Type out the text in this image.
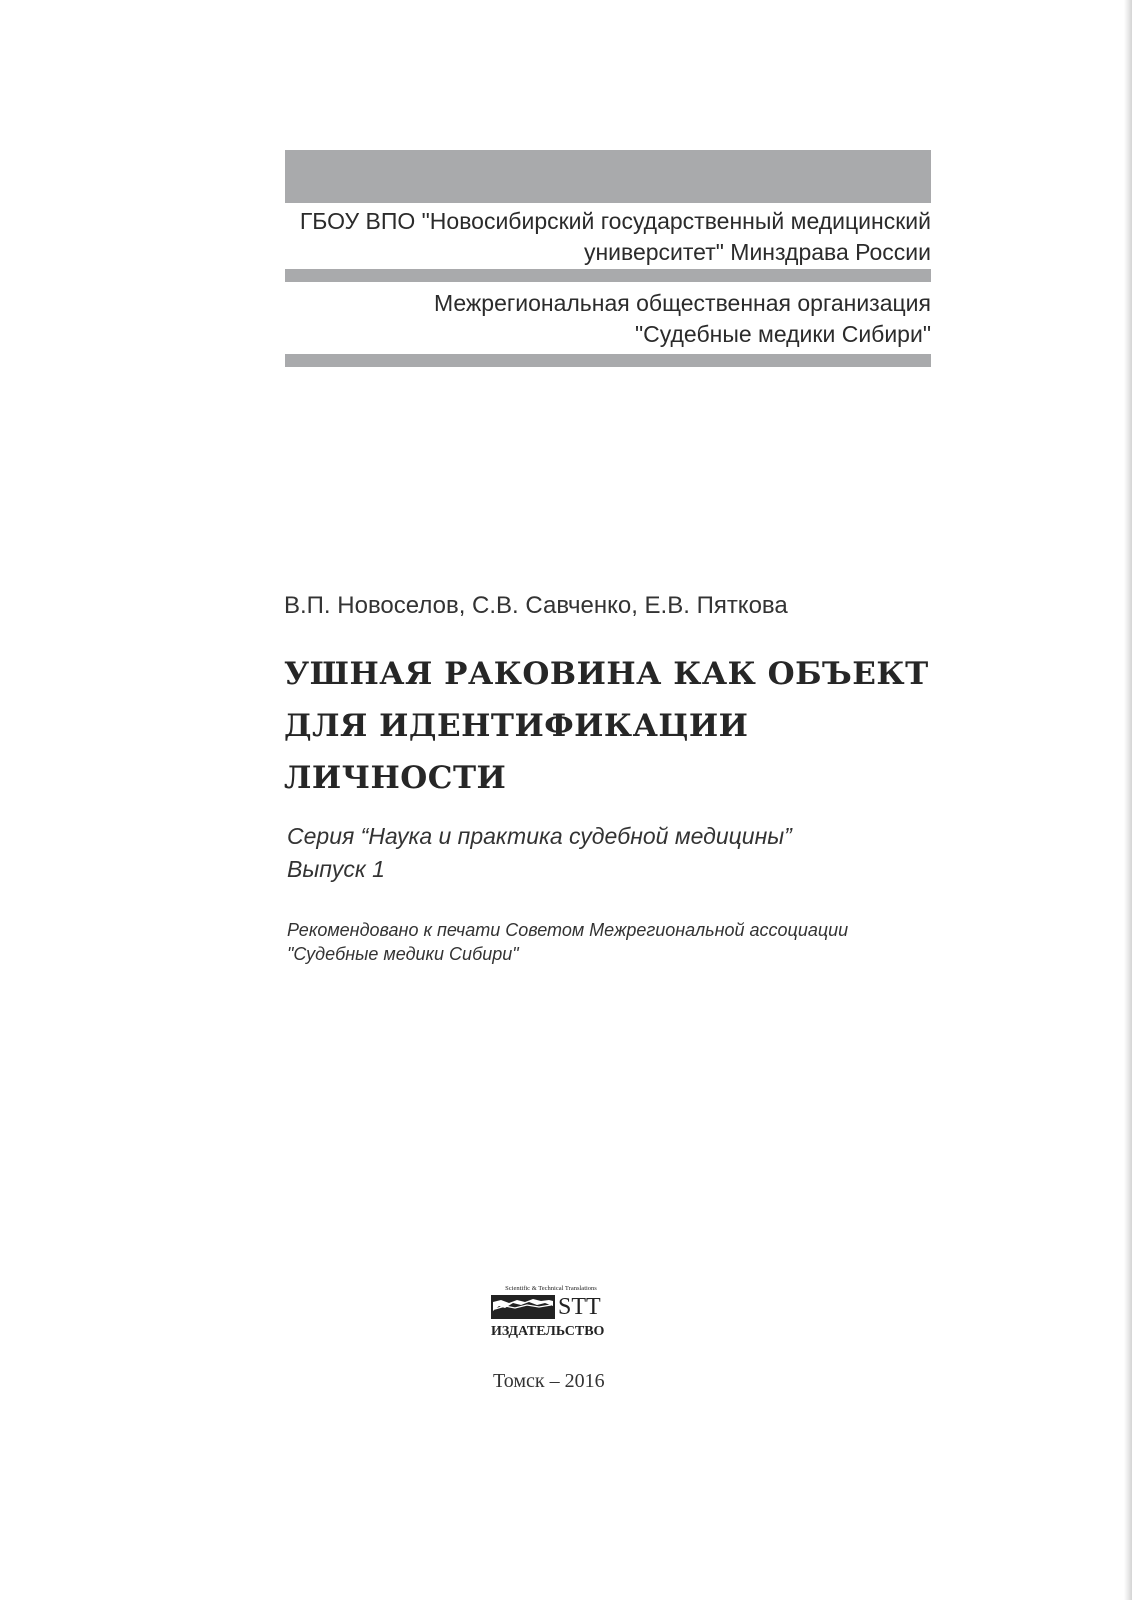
ГБОУ ВПО "Новосибирский государственный медицинский
университет" Минздрава России
Межрегиональная общественная организация
"Судебные медики Сибири"
В.П. Новоселов, С.В. Савченко, Е.В. Пяткова
УШНАЯ РАКОВИНА КАК ОБЪЕКТ
ДЛЯ ИДЕНТИФИКАЦИИ
ЛИЧНОСТИ
Серия “Наука и практика судебной медицины”
Выпуск 1
Рекомендовано к печати Советом Межрегиональной ассоциации
"Судебные медики Сибири"
Scientific & Technical Translations
STT
ИЗДАТЕЛЬСТВО
Томск – 2016
